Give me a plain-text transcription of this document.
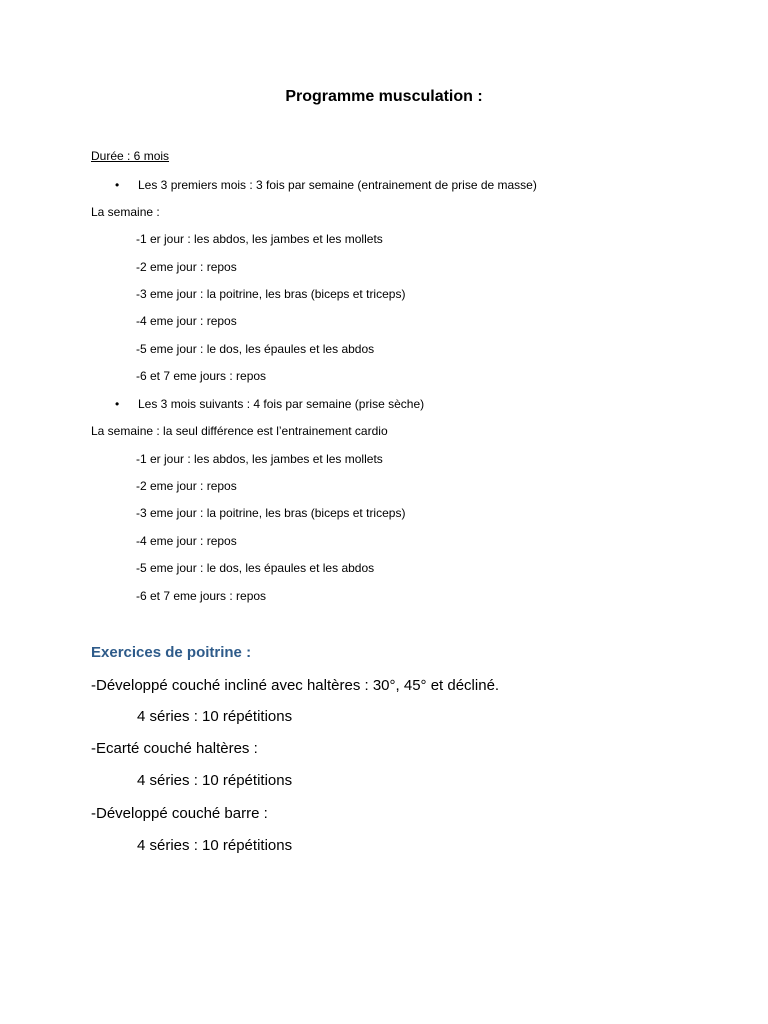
Programme musculation :
Durée : 6 mois
• Les 3 premiers mois : 3 fois par semaine (entrainement de prise de masse)
La semaine :
-1 er jour : les abdos, les jambes et les mollets
-2 eme jour : repos
-3 eme jour : la poitrine, les bras (biceps et triceps)
-4 eme jour : repos
-5 eme jour : le dos, les épaules et les abdos
-6 et 7 eme jours : repos
• Les 3 mois suivants : 4 fois par semaine (prise sèche)
La semaine : la seul différence est l’entrainement cardio
-1 er jour : les abdos, les jambes et les mollets
-2 eme jour : repos
-3 eme jour : la poitrine, les bras (biceps et triceps)
-4 eme jour : repos
-5 eme jour : le dos, les épaules et les abdos
-6 et 7 eme jours : repos
Exercices de poitrine :
-Développé couché incliné avec haltères : 30°, 45° et décliné.
4 séries : 10 répétitions
-Ecarté couché haltères :
4 séries : 10 répétitions
-Développé couché barre :
4 séries : 10 répétitions
